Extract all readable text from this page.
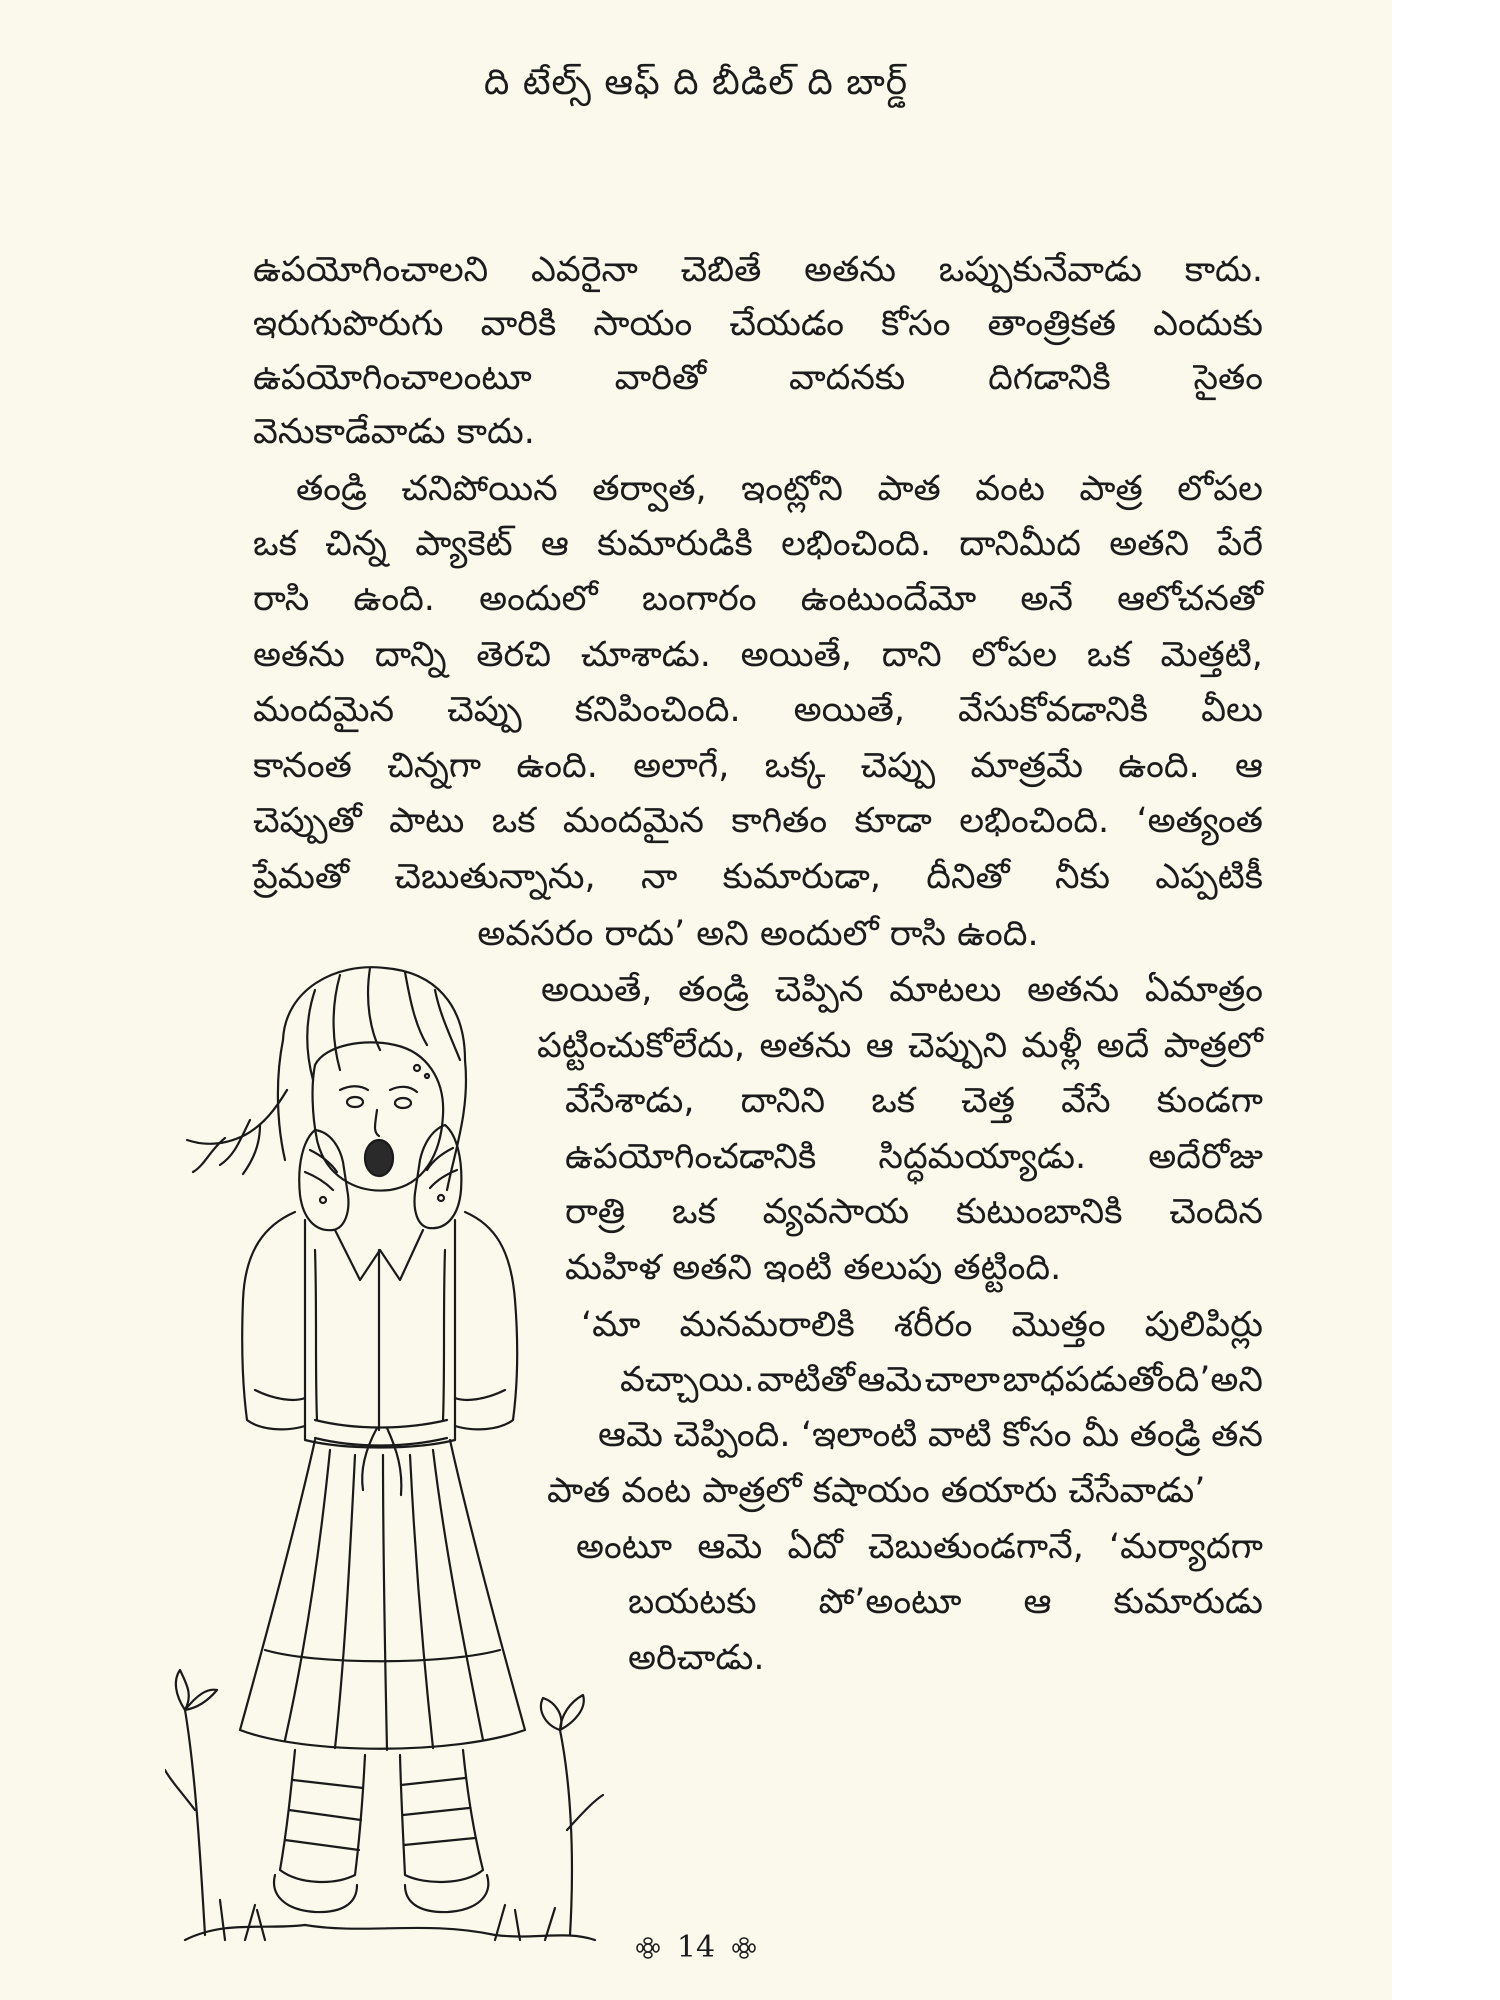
ది టేల్స్ ఆఫ్ ది బీడిల్ ది బార్డ్
ఉపయోగించాలని ఎవరైనా చెబితే అతను ఒప్పుకునేవాడు కాదు.
ఇరుగుపొరుగు వారికి సాయం చేయడం కోసం తాంత్రికత ఎందుకు
ఉపయోగించాలంటూ వారితో వాదనకు దిగడానికి సైతం
వెనుకాడేవాడు కాదు.
తండ్రి చనిపోయిన తర్వాత, ఇంట్లోని పాత వంట పాత్ర లోపల
ఒక చిన్న ప్యాకెట్ ఆ కుమారుడికి లభించింది. దానిమీద అతని పేరే
రాసి ఉంది. అందులో బంగారం ఉంటుందేమో అనే ఆలోచనతో
అతను దాన్ని తెరచి చూశాడు. అయితే, దాని లోపల ఒక మెత్తటి,
మందమైన చెప్పు కనిపించింది. అయితే, వేసుకోవడానికి వీలు
కానంత చిన్నగా ఉంది. అలాగే, ఒక్క చెప్పు మాత్రమే ఉంది. ఆ
చెప్పుతో పాటు ఒక మందమైన కాగితం కూడా లభించింది. ‘అత్యంత
ప్రేమతో చెబుతున్నాను, నా కుమారుడా, దీనితో నీకు ఎప్పటికీ
అవసరం రాదు’ అని అందులో రాసి ఉంది.
అయితే, తండ్రి చెప్పిన మాటలు అతను ఏమాత్రం
పట్టించుకోలేదు, అతను ఆ చెప్పుని మళ్లీ అదే పాత్రలో
వేసేశాడు, దానిని ఒక చెత్త వేసే కుండగా
ఉపయోగించడానికి సిద్ధమయ్యాడు. అదేరోజు
రాత్రి ఒక వ్యవసాయ కుటుంబానికి చెందిన
మహిళ అతని ఇంటి తలుపు తట్టింది.
‘మా మనమరాలికి శరీరం మొత్తం పులిపిర్లు
వచ్చాయి. వాటితో ఆమె చాలా బాధపడుతోంది’అని
ఆమె చెప్పింది. ‘ఇలాంటి వాటి కోసం మీ తండ్రి తన
పాత వంట పాత్రలో కషాయం తయారు చేసేవాడు’
అంటూ ఆమె ఏదో చెబుతుండగానే, ‘మర్యాదగా
బయటకు పో’అంటూ ఆ కుమారుడు
అరిచాడు.
14
